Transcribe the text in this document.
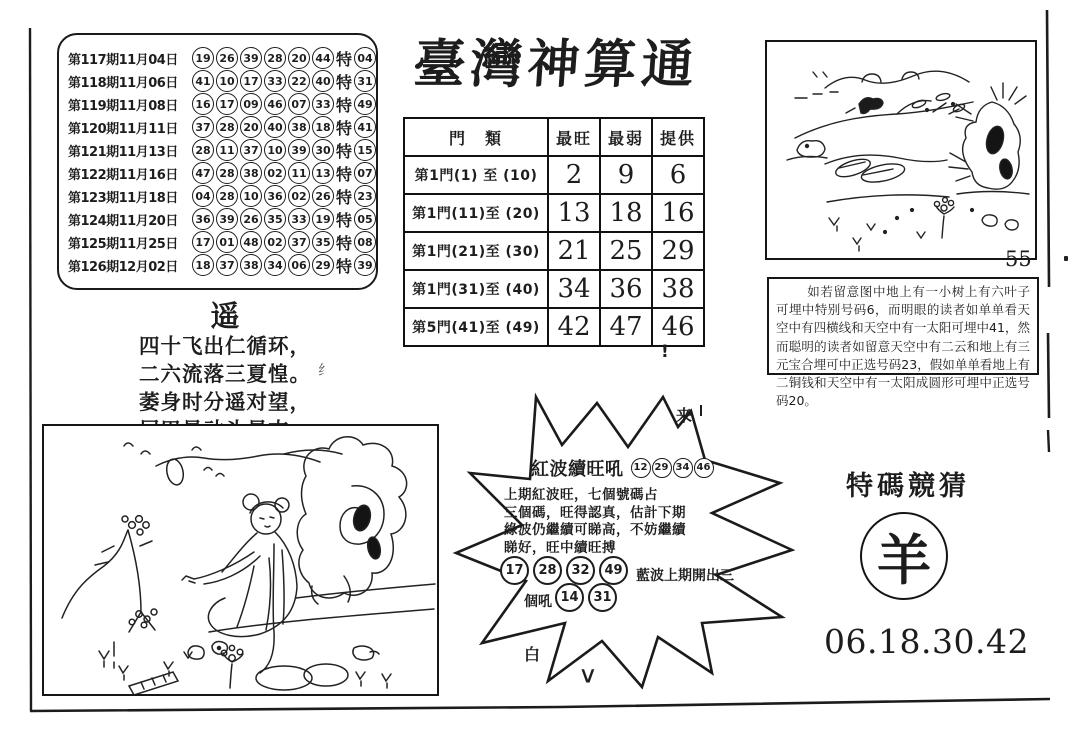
第117期11月04日	19 26 39 28 20 44 特 04
第118期11月06日	41 10 17 33 22 40 特 31
第119期11月08日	16 17 09 46 07 33 特 49
第120期11月11日	37 28 20 40 38 18 特 41
第121期11月13日	28 11 37 10 39 30 特 15
第122期11月16日	47 28 38 02 11 13 特 07
第123期11月18日	04 28 10 36 02 26 特 23
第124期11月20日	36 39 26 35 33 19 特 05
第125期11月25日	17 01 48 02 37 35 特 08
第126期12月02日	18 37 38 34 06 29 特 39
臺灣神算通
門　類	最旺	最弱	提供
第1門(1) 至 (10)	2	9	6
第1門(11)至 (20)	13	18	16
第1門(21)至 (30)	21	25	29
第1門(31)至 (40)	34	36	38
第5門(41)至 (49)	42	47	46
55
如若留意图中地上有一小树上有六叶子可埋中特别号码6，而明眼的读者如单单看天空中有四横线和天空中有一太阳可埋中41，然而聪明的读者如留意天空中有二云和地上有三元宝合埋可中正选号码23，假如单单看地上有二铜钱和天空中有一太阳成圆形可埋中正选号码20。
遥
四十飞出仁循环，
二六流落三夏惶。
萎身时分遥对望，
紅波續旺吼	12 29 34 46
上期紅波旺，七個號碼占
三個碼，旺得認真，估計下期
綠波仍繼續可睇高，不妨繼續
睇好，旺中續旺搏
17	28	32	49 藍波上期開出三
個吼 14	31
!
来
白
∨
纟
特碼競猜
羊
06.18.30.42
